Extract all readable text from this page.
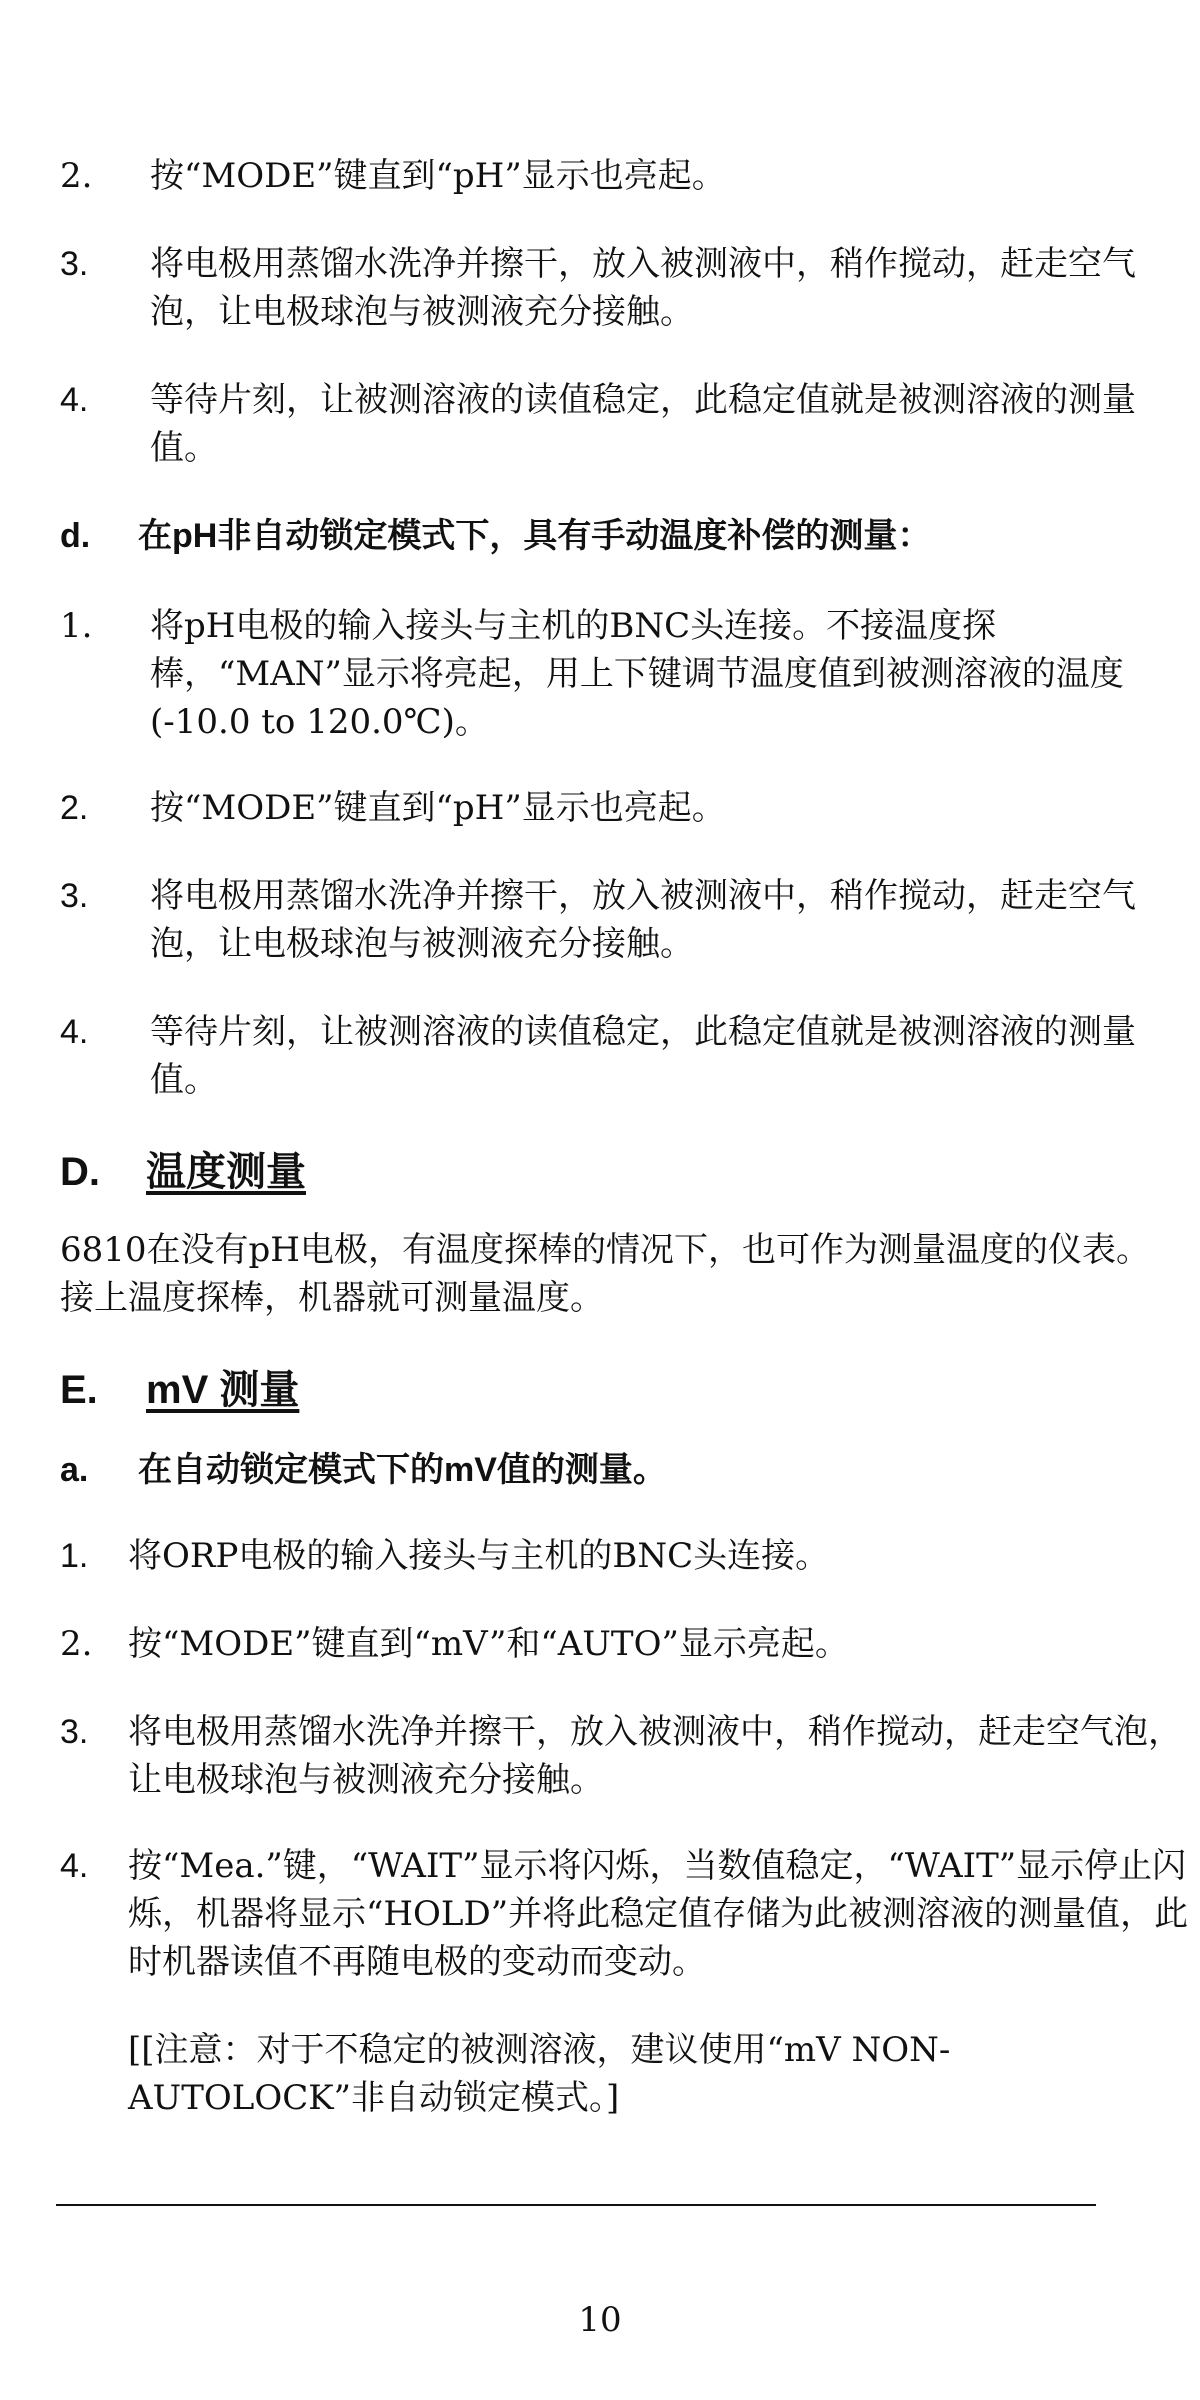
2. 按“MODE”键直到“pH”显示也亮起。
3. 将电极用蒸馏水洗净并擦干，放入被测液中，稍作搅动，赶走空气泡，让电极球泡与被测液充分接触。
4. 等待片刻，让被测溶液的读值稳定，此稳定值就是被测溶液的测量值。
d. 在pH非自动锁定模式下，具有手动温度补偿的测量：
1. 将pH电极的输入接头与主机的BNC头连接。不接温度探棒，“MAN”显示将亮起，用上下键调节温度值到被测溶液的温度(-10.0 to 120.0℃)。
2. 按“MODE”键直到“pH”显示也亮起。
3. 将电极用蒸馏水洗净并擦干，放入被测液中，稍作搅动，赶走空气泡，让电极球泡与被测液充分接触。
4. 等待片刻，让被测溶液的读值稳定，此稳定值就是被测溶液的测量值。
D. 温度测量
6810在没有pH电极，有温度探棒的情况下，也可作为测量温度的仪表。接上温度探棒，机器就可测量温度。
E. mV 测量
a. 在自动锁定模式下的mV值的测量。
1. 将ORP电极的输入接头与主机的BNC头连接。
2. 按“MODE”键直到“mV”和“AUTO”显示亮起。
3. 将电极用蒸馏水洗净并擦干，放入被测液中，稍作搅动，赶走空气泡，让电极球泡与被测液充分接触。
4. 按“Mea.”键，“WAIT”显示将闪烁，当数值稳定，“WAIT”显示停止闪烁，机器将显示“HOLD”并将此稳定值存储为此被测溶液的测量值，此时机器读值不再随电极的变动而变动。
[[注意：对于不稳定的被测溶液，建议使用“mV NON- AUTOLOCK”非自动锁定模式。]
10
